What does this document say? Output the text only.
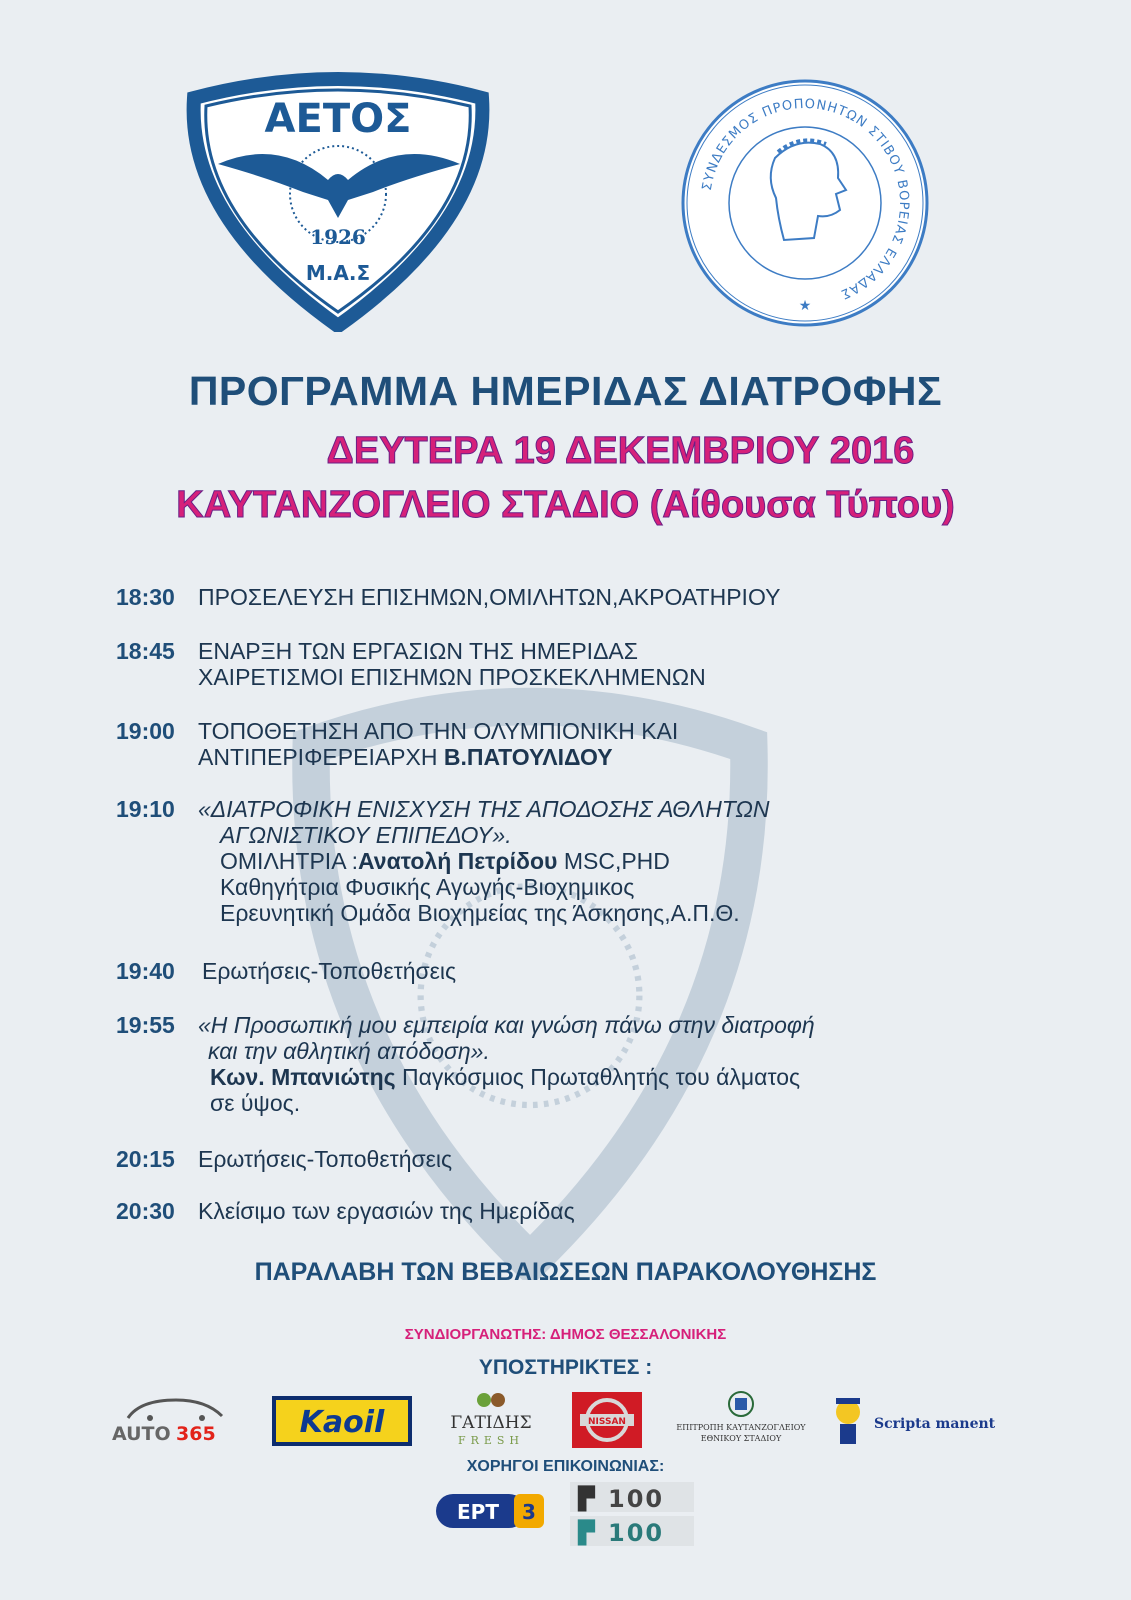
ΑΕΤΟΣ
1926
Μ.Α.Σ
ΣΥΝΔΕΣΜΟΣ ΠΡΟΠΟΝΗΤΩΝ ΣΤΙΒΟΥ ΒΟΡΕΙΑΣ ΕΛΛΑΔΑΣ
★
ΠΡΟΓΡΑΜΜΑ ΗΜΕΡΙΔΑΣ ΔΙΑΤΡΟΦΗΣ
ΔΕΥΤΕΡΑ 19 ΔΕΚΕΜΒΡΙΟΥ 2016
ΚΑΥΤΑΝΖΟΓΛΕΙΟ ΣΤΑΔΙΟ (Αίθουσα Τύπου)
18:30 ΠΡΟΣΕΛΕΥΣΗ ΕΠΙΣΗΜΩΝ,ΟΜΙΛΗΤΩΝ,ΑΚΡΟΑΤΗΡΙΟΥ
18:45 ΕΝΑΡΞΗ ΤΩΝ ΕΡΓΑΣΙΩΝ ΤΗΣ ΗΜΕΡΙΔΑΣ
ΧΑΙΡΕΤΙΣΜΟΙ ΕΠΙΣΗΜΩΝ ΠΡΟΣΚΕΚΛΗΜΕΝΩΝ
19:00 ΤΟΠΟΘΕΤΗΣΗ ΑΠΟ ΤΗΝ ΟΛΥΜΠΙΟΝΙΚΗ ΚΑΙ
ΑΝΤΙΠΕΡΙΦΕΡΕΙΑΡΧΗ Β.ΠΑΤΟΥΛΙΔΟΥ
19:10 «ΔΙΑΤΡΟΦΙΚΗ ΕΝΙΣΧΥΣΗ ΤΗΣ ΑΠΟΔΟΣΗΣ ΑΘΛΗΤΩΝ
ΑΓΩΝΙΣΤΙΚΟΥ ΕΠΙΠΕΔΟΥ».
ΟΜΙΛΗΤΡΙΑ :Ανατολή Πετρίδου MSC,PHD
Καθηγήτρια Φυσικής Αγωγής-Βιοχημικος
Ερευνητική Ομάδα Βιοχημείας της Άσκησης,Α.Π.Θ.
19:40 Ερωτήσεις-Τοποθετήσεις
19:55 «Η Προσωπική μου εμπειρία και γνώση πάνω στην διατροφή
και την αθλητική απόδοση».
Κων. Μπανιώτης Παγκόσμιος Πρωταθλητής του άλματος
σε ύψος.
20:15 Ερωτήσεις-Τοποθετήσεις
20:30 Κλείσιμο των εργασιών της Ημερίδας
ΠΑΡΑΛΑΒΗ ΤΩΝ ΒΕΒΑΙΩΣΕΩΝ ΠΑΡΑΚΟΛΟΥΘΗΣΗΣ
ΣΥΝΔΙΟΡΓΑΝΩΤΗΣ: ΔΗΜΟΣ ΘΕΣΣΑΛΟΝΙΚΗΣ
ΥΠΟΣΤΗΡΙΚΤΕΣ :
AUTO 365	Kaoil	ΓΑΤΙΔΗΣ
FRESH
NISSAN
ΕΠΙΤΡΟΠΗ ΚΑΥΤΑΝΖΟΓΛΕΙΟΥ
ΕΘΝΙΚΟΥ ΣΤΑΔΙΟΥ
Scripta manent
ΧΟΡΗΓΟΙ ΕΠΙΚΟΙΝΩΝΙΑΣ:
ΕΡΤ 3 ▛ 100
▛ 100
